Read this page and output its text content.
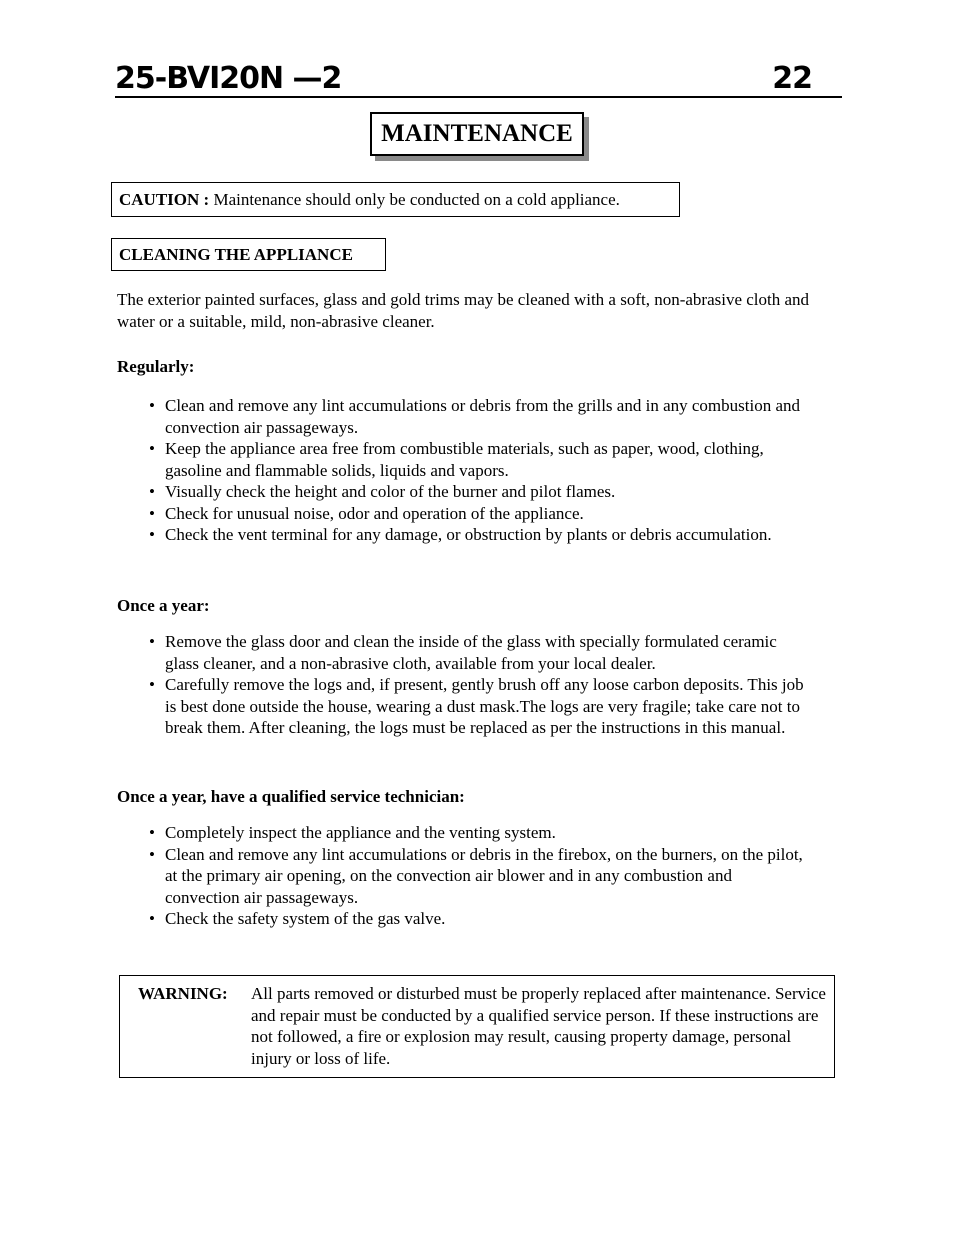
25-BVI20N —2	22
MAINTENANCE
CAUTION : Maintenance should only be conducted on a cold appliance.
CLEANING THE APPLIANCE

The exterior painted surfaces, glass and gold trims may be cleaned with a soft, non-abrasive cloth and water or a suitable, mild, non-abrasive cleaner.

Regularly:

• Clean and remove any lint accumulations or debris from the grills and in any combustion and convection air passageways.
• Keep the appliance area free from combustible materials, such as paper, wood, clothing, gasoline and flammable solids, liquids and vapors.
• Visually check the height and color of the burner and pilot flames.
• Check for unusual noise, odor and operation of the appliance.
• Check the vent terminal for any damage, or obstruction by plants or debris accumulation.

Once a year:

• Remove the glass door and clean the inside of the glass with specially formulated ceramic glass cleaner, and a non-abrasive cloth, available from your local dealer.
• Carefully remove the logs and, if present, gently brush off any loose carbon deposits. This job is best done outside the house, wearing a dust mask.The logs are very fragile; take care not to break them. After cleaning, the logs must be replaced as per the instructions in this manual.

Once a year, have a qualified service technician:

• Completely inspect the appliance and the venting system.
• Clean and remove any lint accumulations or debris in the firebox, on the burners, on the pilot, at the primary air opening, on the convection air blower and in any combustion and convection air passageways.
• Check the safety system of the gas valve.
WARNING: All parts removed or disturbed must be properly replaced after maintenance. Service and repair must be conducted by a qualified service person. If these instructions are not followed, a fire or explosion may result, causing property damage, personal injury or loss of life.
